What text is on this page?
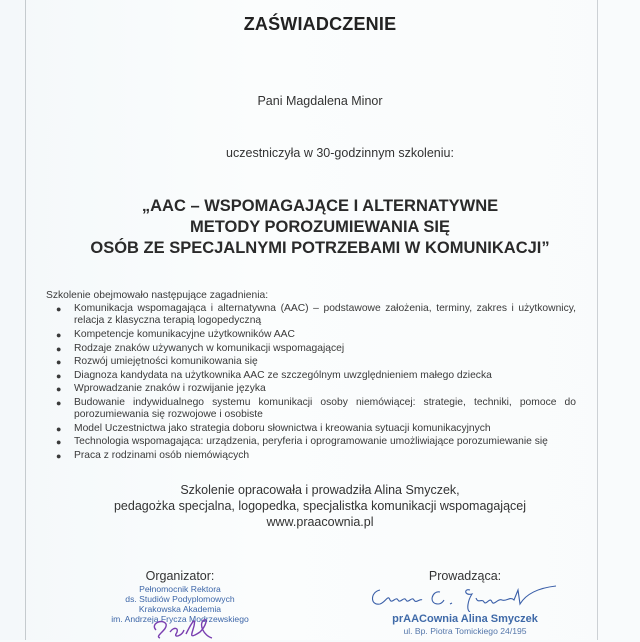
ZAŚWIADCZENIE
Pani Magdalena Minor
uczestniczyła w 30-godzinnym szkoleniu:
„AAC – WSPOMAGAJĄCE I ALTERNATYWNE
METODY POROZUMIEWANIA SIĘ
OSÓB ZE SPECJALNYMI POTRZEBAMI W KOMUNIKACJI”
Szkolenie obejmowało następujące zagadnienia:
● Komunikacja wspomagająca i alternatywna (AAC) – podstawowe założenia, terminy, zakres i użytkownicy, relacja z klasyczna terapią logopedyczną
● Kompetencje komunikacyjne użytkowników AAC
● Rodzaje znaków używanych w komunikacji wspomagającej
● Rozwój umiejętności komunikowania się
● Diagnoza kandydata na użytkownika AAC ze szczególnym uwzględnieniem małego dziecka
● Wprowadzanie znaków i rozwijanie języka
● Budowanie indywidualnego systemu komunikacji osoby niemówiącej: strategie, techniki, pomoce do porozumiewania się rozwojowe i osobiste
● Model Uczestnictwa jako strategia doboru słownictwa i kreowania sytuacji komunikacyjnych
● Technologia wspomagająca: urządzenia, peryferia i oprogramowanie umożliwiające porozumiewanie się
● Praca z rodzinami osób niemówiących
Szkolenie opracowała i prowadziła Alina Smyczek,
pedagożka specjalna, logopedka, specjalistka komunikacji wspomagającej
www.praacownia.pl
Organizator:
Pełnomocnik Rektora
ds. Studiów Podyplomowych
Krakowska Akademia
im. Andrzeja Frycza Modrzewskiego
Prowadząca:
prAACownia Alina Smyczek
ul. Bp. Piotra Tomickiego 24/195
